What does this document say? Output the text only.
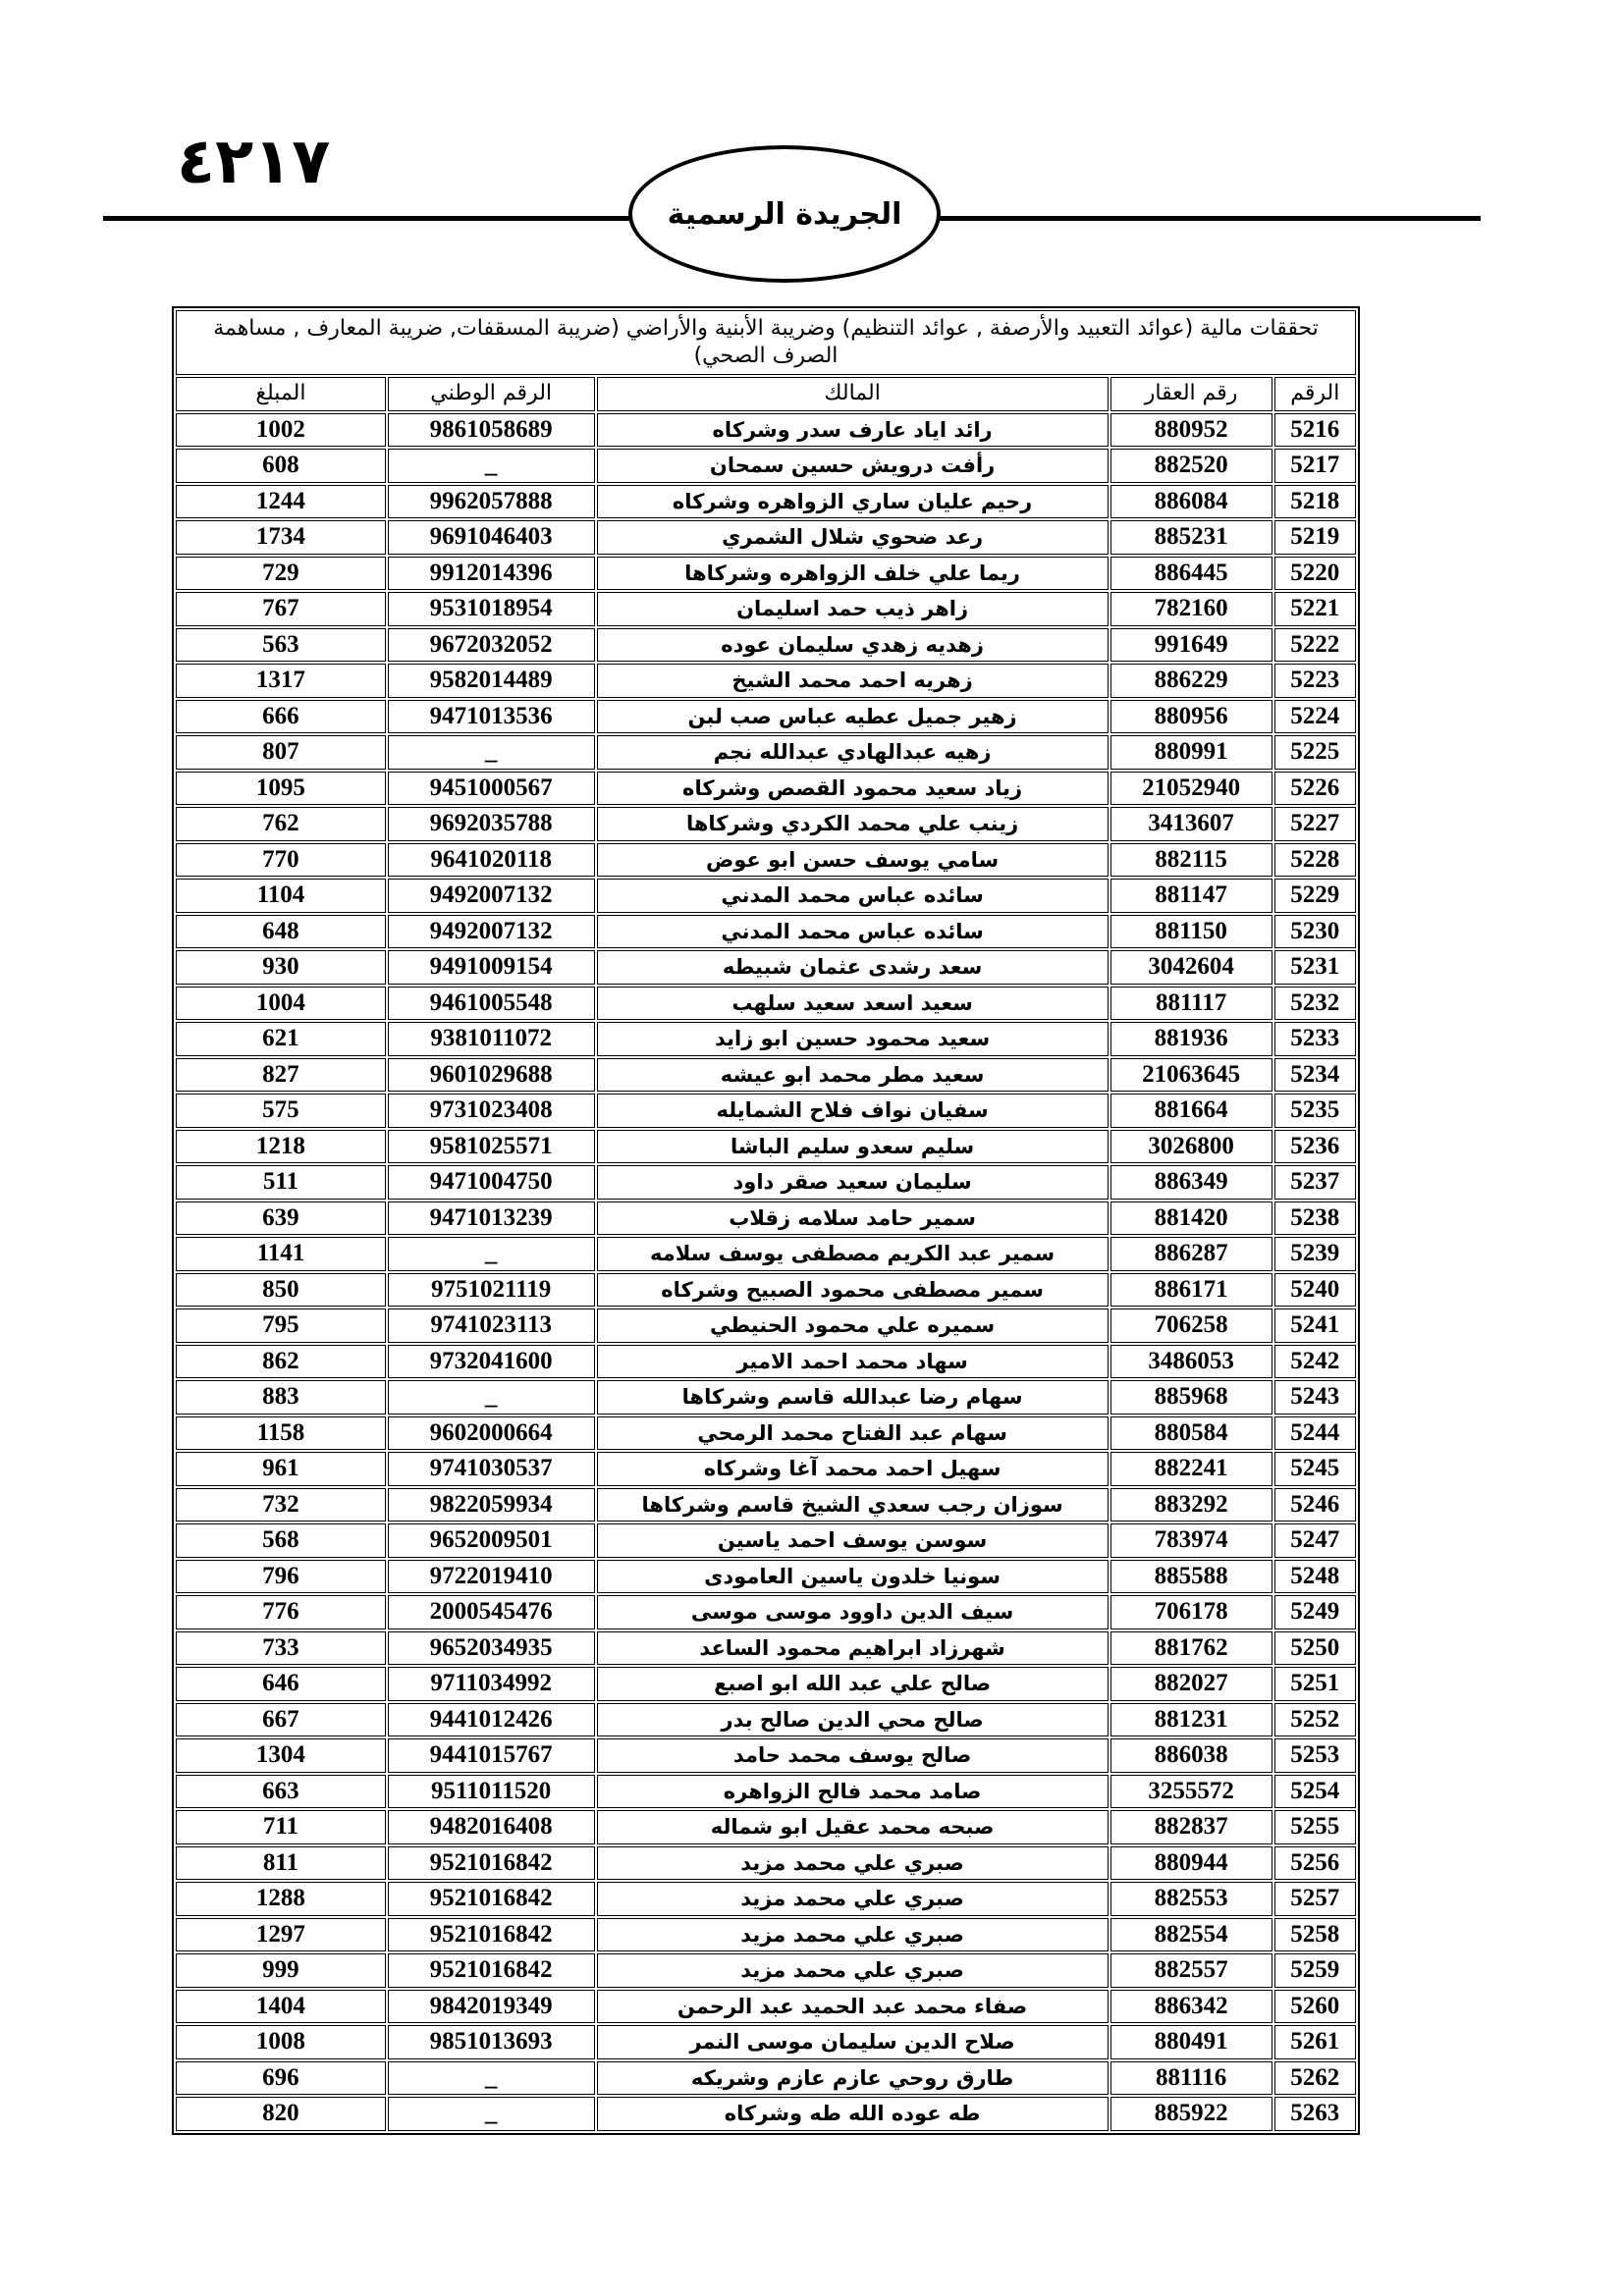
٤٢١٧
الجريدة الرسمية
تحققات مالية (عوائد التعبيد والأرصفة , عوائد التنظيم) وضريبة الأبنية والأراضي (ضريبة المسقفات, ضريبة المعارف , مساهمة الصرف الصحي)				

الرقم	رقم العقار	المالك	الرقم الوطني	المبلغ
5216	880952	رائد اياد عارف سدر وشركاه	9861058689	1002
5217	882520	رأفت درويش حسين سمحان	_	608
5218	886084	رحيم عليان ساري الزواهره وشركاه	9962057888	1244
5219	885231	رعد ضحوي شلال الشمري	9691046403	1734
5220	886445	ريما علي خلف الزواهره وشركاها	9912014396	729
5221	782160	زاهر ذيب حمد اسليمان	9531018954	767
5222	991649	زهديه زهدي سليمان عوده	9672032052	563
5223	886229	زهريه احمد محمد الشيخ	9582014489	1317
5224	880956	زهير جميل عطيه عباس صب لبن	9471013536	666
5225	880991	زهيه عبدالهادي عبدالله نجم	_	807
5226	21052940	زياد سعيد محمود القصص وشركاه	9451000567	1095
5227	3413607	زينب علي محمد الكردي وشركاها	9692035788	762
5228	882115	سامي يوسف حسن ابو عوض	9641020118	770
5229	881147	سائده عباس محمد المدني	9492007132	1104
5230	881150	سائده عباس محمد المدني	9492007132	648
5231	3042604	سعد رشدى عثمان شبيطه	9491009154	930
5232	881117	سعيد اسعد سعيد سلهب	9461005548	1004
5233	881936	سعيد محمود حسين ابو زايد	9381011072	621
5234	21063645	سعيد مطر محمد ابو عيشه	9601029688	827
5235	881664	سفيان نواف فلاح الشمايله	9731023408	575
5236	3026800	سليم سعدو سليم الباشا	9581025571	1218
5237	886349	سليمان سعيد صقر داود	9471004750	511
5238	881420	سمير حامد سلامه زقلاب	9471013239	639
5239	886287	سمير عبد الكريم مصطفى يوسف سلامه	_	1141
5240	886171	سمير مصطفى محمود الصبيح وشركاه	9751021119	850
5241	706258	سميره علي محمود الحنيطي	9741023113	795
5242	3486053	سهاد محمد احمد الامير	9732041600	862
5243	885968	سهام رضا عبدالله قاسم وشركاها	_	883
5244	880584	سهام عبد الفتاح محمد الرمحي	9602000664	1158
5245	882241	سهيل احمد محمد آغا وشركاه	9741030537	961
5246	883292	سوزان رجب سعدي الشيخ قاسم وشركاها	9822059934	732
5247	783974	سوسن يوسف احمد ياسين	9652009501	568
5248	885588	سونيا خلدون ياسين العامودى	9722019410	796
5249	706178	سيف الدين داوود موسى موسى	2000545476	776
5250	881762	شهرزاد ابراهيم محمود الساعد	9652034935	733
5251	882027	صالح علي عبد الله ابو اصبع	9711034992	646
5252	881231	صالح محي الدين صالح بدر	9441012426	667
5253	886038	صالح يوسف محمد حامد	9441015767	1304
5254	3255572	صامد محمد فالح الزواهره	9511011520	663
5255	882837	صبحه محمد عقيل ابو شماله	9482016408	711
5256	880944	صبري علي محمد مزيد	9521016842	811
5257	882553	صبري علي محمد مزيد	9521016842	1288
5258	882554	صبري علي محمد مزيد	9521016842	1297
5259	882557	صبري علي محمد مزيد	9521016842	999
5260	886342	صفاء محمد عبد الحميد عبد الرحمن	9842019349	1404
5261	880491	صلاح الدين سليمان موسى النمر	9851013693	1008
5262	881116	طارق روحي عازم عازم وشريكه	_	696
5263	885922	طه عوده الله طه وشركاه	_	820
